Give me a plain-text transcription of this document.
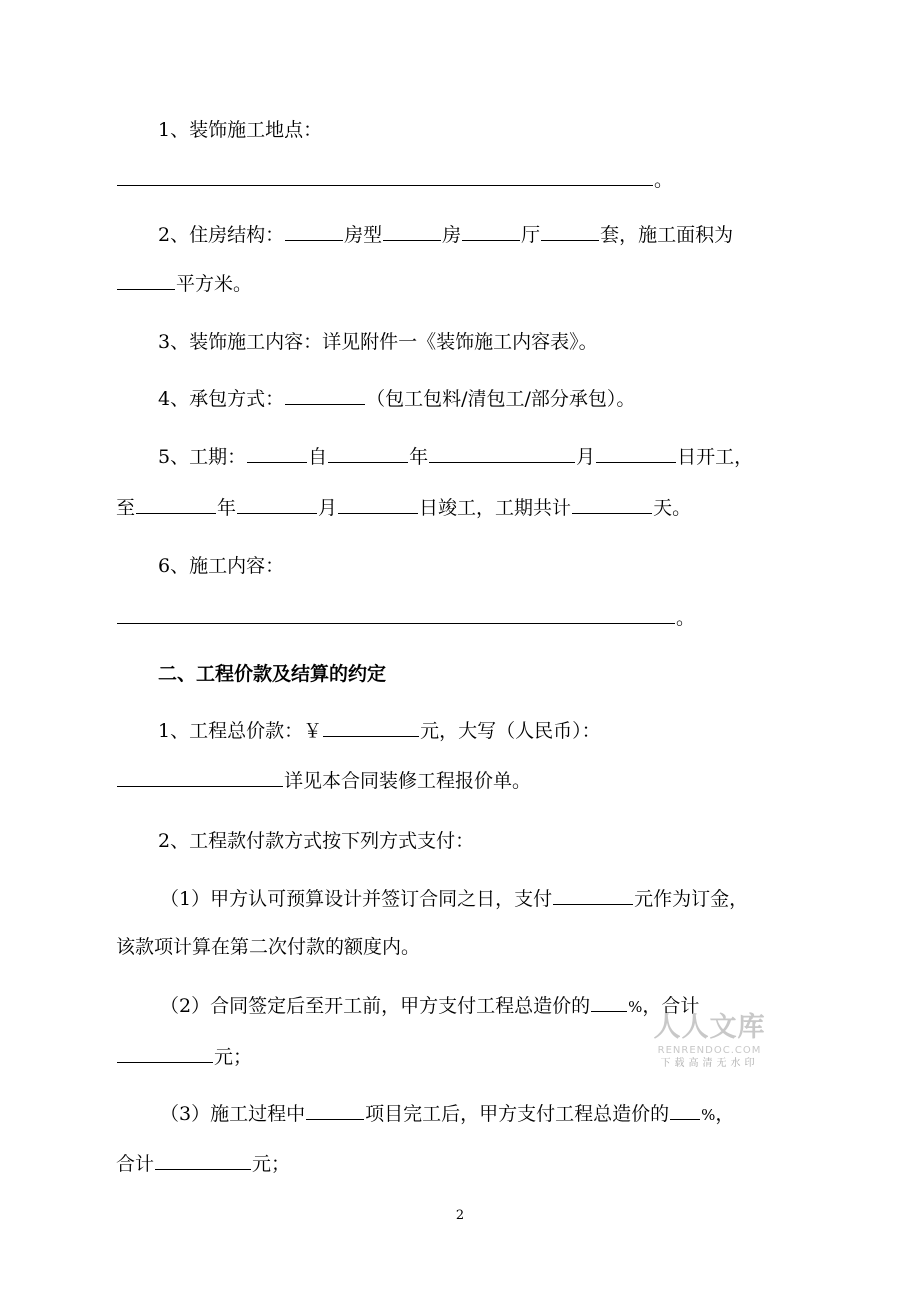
1、装饰施工地点：
。
2、住房结构：	房型	房	厅	套，施工面积为
平方米。
3、装饰施工内容：详见附件一《装饰施工内容表》。
4、承包方式：	（包工包料/清包工/部分承包）。
5、工期：	自	年	月	日开工，
至	年	月	日竣工，工期共计	天。
6、施工内容：
。
二、工程价款及结算的约定
1、工程总价款：￥	元，大写（人民币）：
详见本合同装修工程报价单。
2、工程款付款方式按下列方式支付：
（1）甲方认可预算设计并签订合同之日，支付	元作为订金，
该款项计算在第二次付款的额度内。
（2）合同签定后至开工前，甲方支付工程总造价的	%，合计
元；
（3）施工过程中	项目完工后，甲方支付工程总造价的 %，
合计	元；
人人文库
RENRENDOC.COM
下载高清无水印
2
